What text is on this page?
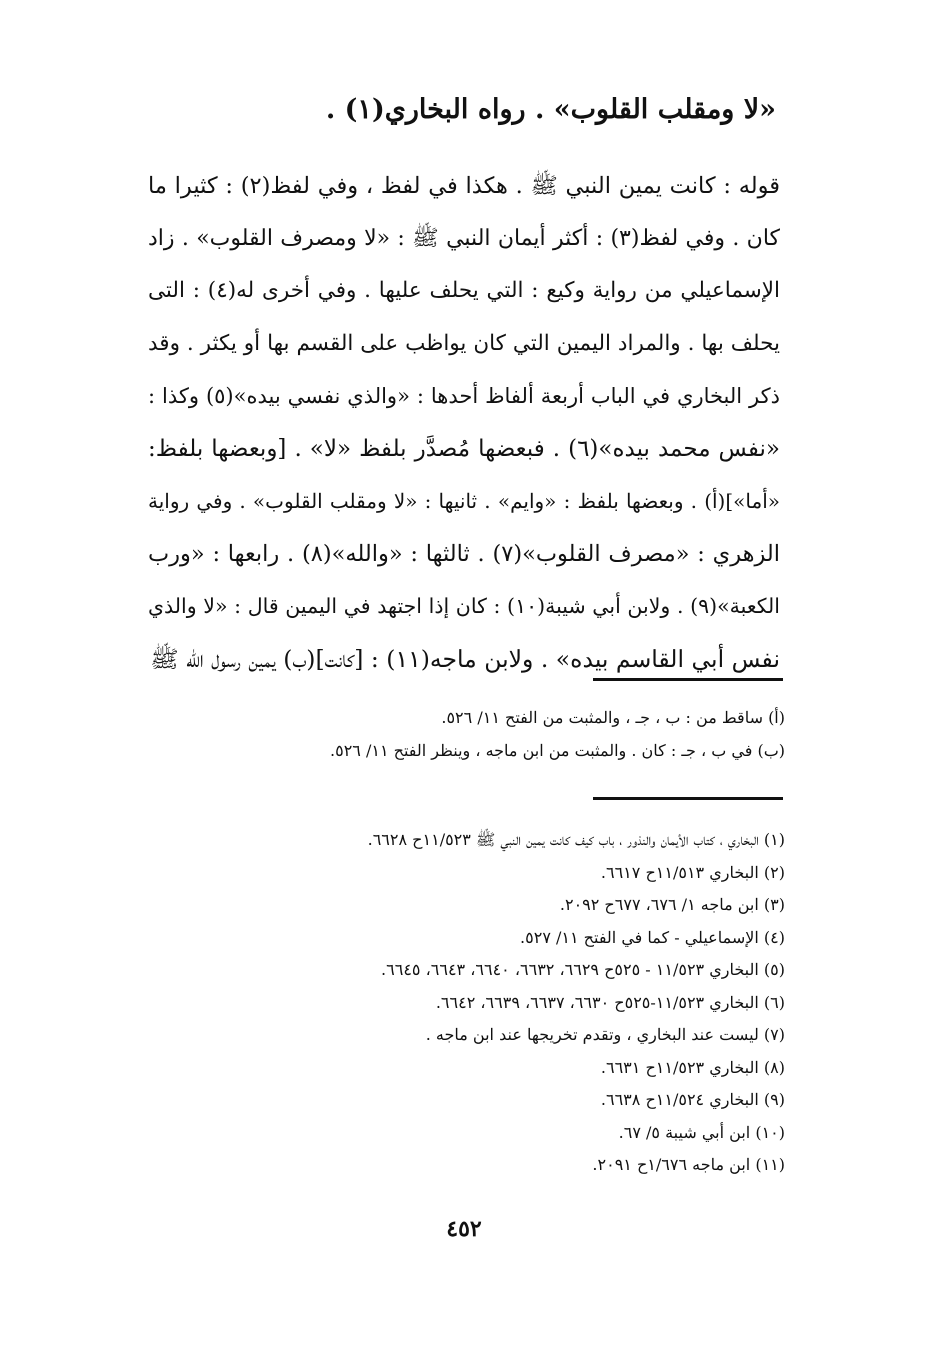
«لا ومقلب القلوب» . رواه البخاري(١) .
قوله : كانت يمين النبي ﷺ . هكذا في لفظ ، وفي لفظ(٢) : كثيرا ما
كان . وفي لفظ(٣) : أكثر أيمان النبي ﷺ : «لا ومصرف القلوب» . زاد
الإسماعيلي من رواية وكيع : التي يحلف عليها . وفي أخرى له(٤) : التى
يحلف بها . والمراد اليمين التي كان يواظب على القسم بها أو يكثر . وقد
ذكر البخاري في الباب أربعة ألفاظ أحدها : «والذي نفسي بيده»(٥) وكذا :
«نفس محمد بيده»(٦) . فبعضها مُصدَّر بلفظ «لا» . [وبعضها بلفظ:
«أما»](أ) . وبعضها بلفظ : «وايم» . ثانيها : «لا ومقلب القلوب» . وفي رواية
الزهري : «مصرف القلوب»(٧) . ثالثها : «والله»(٨) . رابعها : «ورب
الكعبة»(٩) . ولابن أبي شيبة(١٠) : كان إذا اجتهد في اليمين قال : «لا والذي
نفس أبي القاسم بيده» . ولابن ماجه(١١) : [كانت](ب) يمين رسول الله ﷺ
(أ) ساقط من : ب ، جـ ، والمثبت من الفتح ١١/ ٥٢٦.
(ب) في ب ، جـ : كان . والمثبت من ابن ماجه ، وينظر الفتح ١١/ ٥٢٦.
(١) البخاري ، كتاب الأيمان والنذور ، باب كيف كانت يمين النبي ﷺ ١١/٥٢٣ح ٦٦٢٨.
(٢) البخاري ١١/٥١٣ح ٦٦١٧.
(٣) ابن ماجه ١/ ٦٧٦، ٦٧٧ح ٢٠٩٢.
(٤) الإسماعيلي - كما في الفتح ١١/ ٥٢٧.
(٥) البخاري ١١/٥٢٣ - ٥٢٥ح ٦٦٢٩، ٦٦٣٢، ٦٦٤٠، ٦٦٤٣، ٦٦٤٥.
(٦) البخاري ١١/٥٢٣-٥٢٥ح ٦٦٣٠، ٦٦٣٧، ٦٦٣٩، ٦٦٤٢.
(٧) ليست عند البخاري ، وتقدم تخريجها عند ابن ماجه .
(٨) البخاري ١١/٥٢٣ح ٦٦٣١.
(٩) البخاري ١١/٥٢٤ح ٦٦٣٨.
(١٠) ابن أبي شيبة ٥/ ٦٧.
(١١) ابن ماجه ١/٦٧٦ح ٢٠٩١.
٤٥٢
